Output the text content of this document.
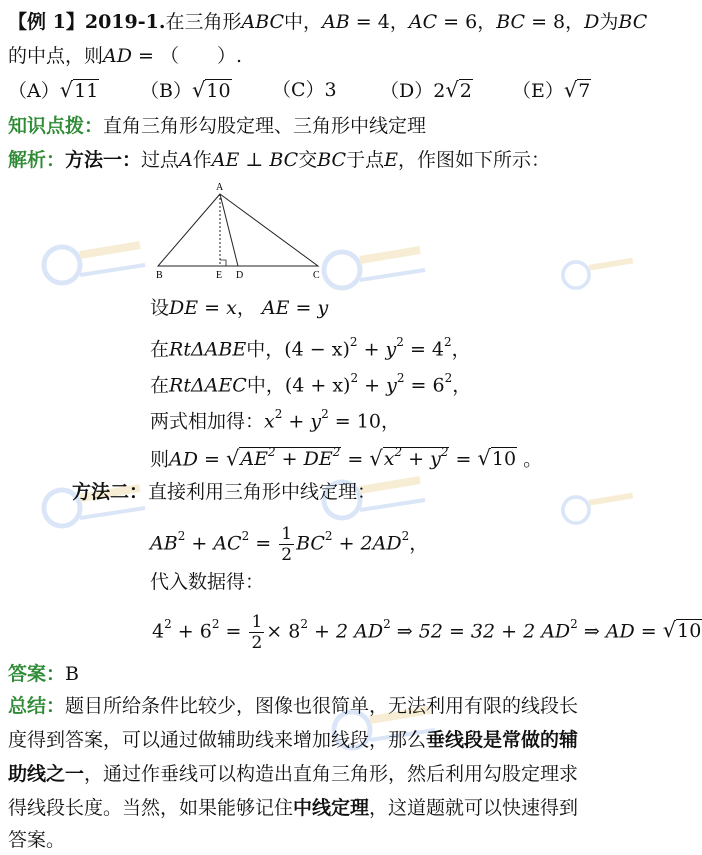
【例 1】2019-1.在三角形ABC中，AB = 4，AC = 6，BC = 8，D为BC
的中点，则AD = （　　）.
（A）√11 （B）√10 （C）3 （D）2√2 （E）√7
知识点拨：直角三角形勾股定理、三角形中线定理
解析：方法一：过点A作AE ⊥ BC交BC于点E，作图如下所示：
A
B	E D	C
设DE = x， AE = y
在RtΔABE中，$(4 - x)^2 + y^2 = 4^2$，
在RtΔAEC中，$(4 + x)^2 + y^2 = 6^2$，
两式相加得：$x^2 + y^2 = 10$，
则AD = $√AE^2 + DE^2 = √x^2 + y^2 = √10$ 。
方法二：直接利用三角形中线定理：
$AB^2 + AC^2 = \frac{1}{2} BC^2 + 2AD^2$，
代入数据得：
$4^2 + 6^2 = \frac{1}{2} \times 8^2 + 2$ $AD^2$ ⇒ 52 = 32 + 2 $AD^2$ ⇒ AD = √10
答案：B
总结：题目所给条件比较少，图像也很简单，无法利用有限的线段长
度得到答案，可以通过做辅助线来增加线段，那么垂线段是常做的辅
助线之一，通过作垂线可以构造出直角三角形，然后利用勾股定理求
得线段长度。当然，如果能够记住中线定理，这道题就可以快速得到
答案。
